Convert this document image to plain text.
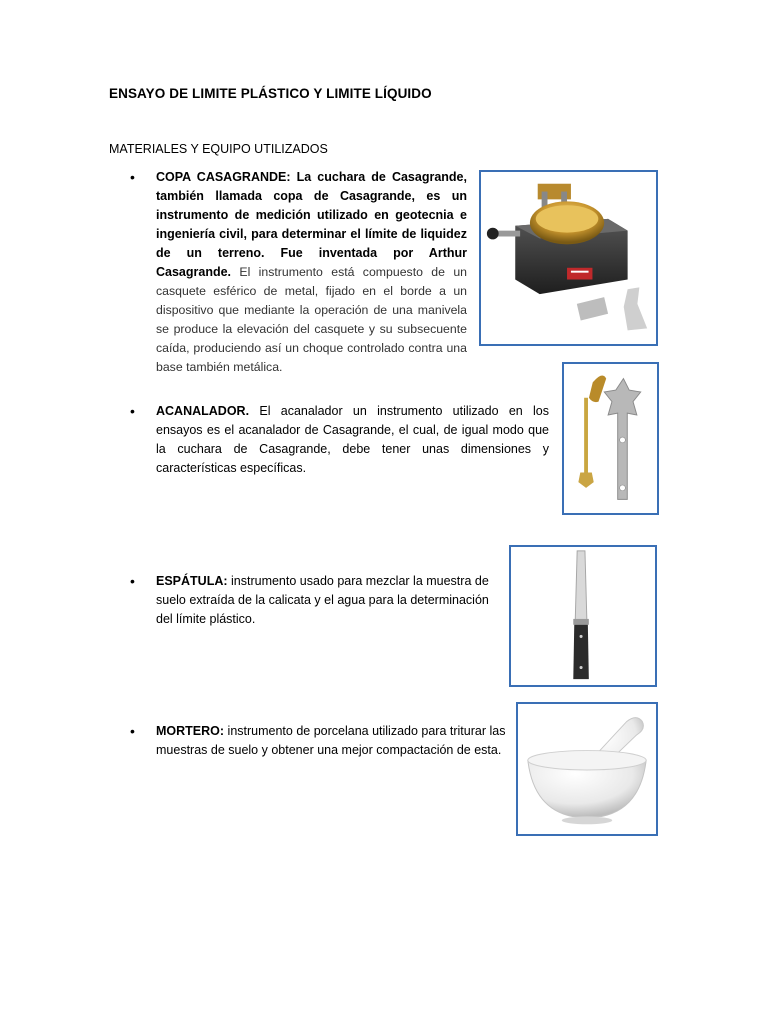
ENSAYO DE LIMITE PLÁSTICO Y LIMITE LÍQUIDO
MATERIALES Y EQUIPO UTILIZADOS
• COPA CASAGRANDE: La cuchara de Casagrande, también llamada copa de Casagrande, es un instrumento de medición utilizado en geotecnia e ingeniería civil, para determinar el límite de liquidez de un terreno. Fue inventada por Arthur Casagrande. El instrumento está compuesto de un casquete esférico de metal, fijado en el borde a un dispositivo que mediante la operación de una manivela se produce la elevación del casquete y su subsecuente caída, produciendo así un choque controlado contra una base también metálica.
• ACANALADOR. El acanalador un instrumento utilizado en los ensayos es el acanalador de Casagrande, el cual, de igual modo que la cuchara de Casagrande, debe tener unas dimensiones y características específicas.
• ESPÁTULA: instrumento usado para mezclar la muestra de suelo extraída de la calicata y el agua para la determinación del límite plástico.
• MORTERO: instrumento de porcelana utilizado para triturar las muestras de suelo y obtener una mejor compactación de esta.
